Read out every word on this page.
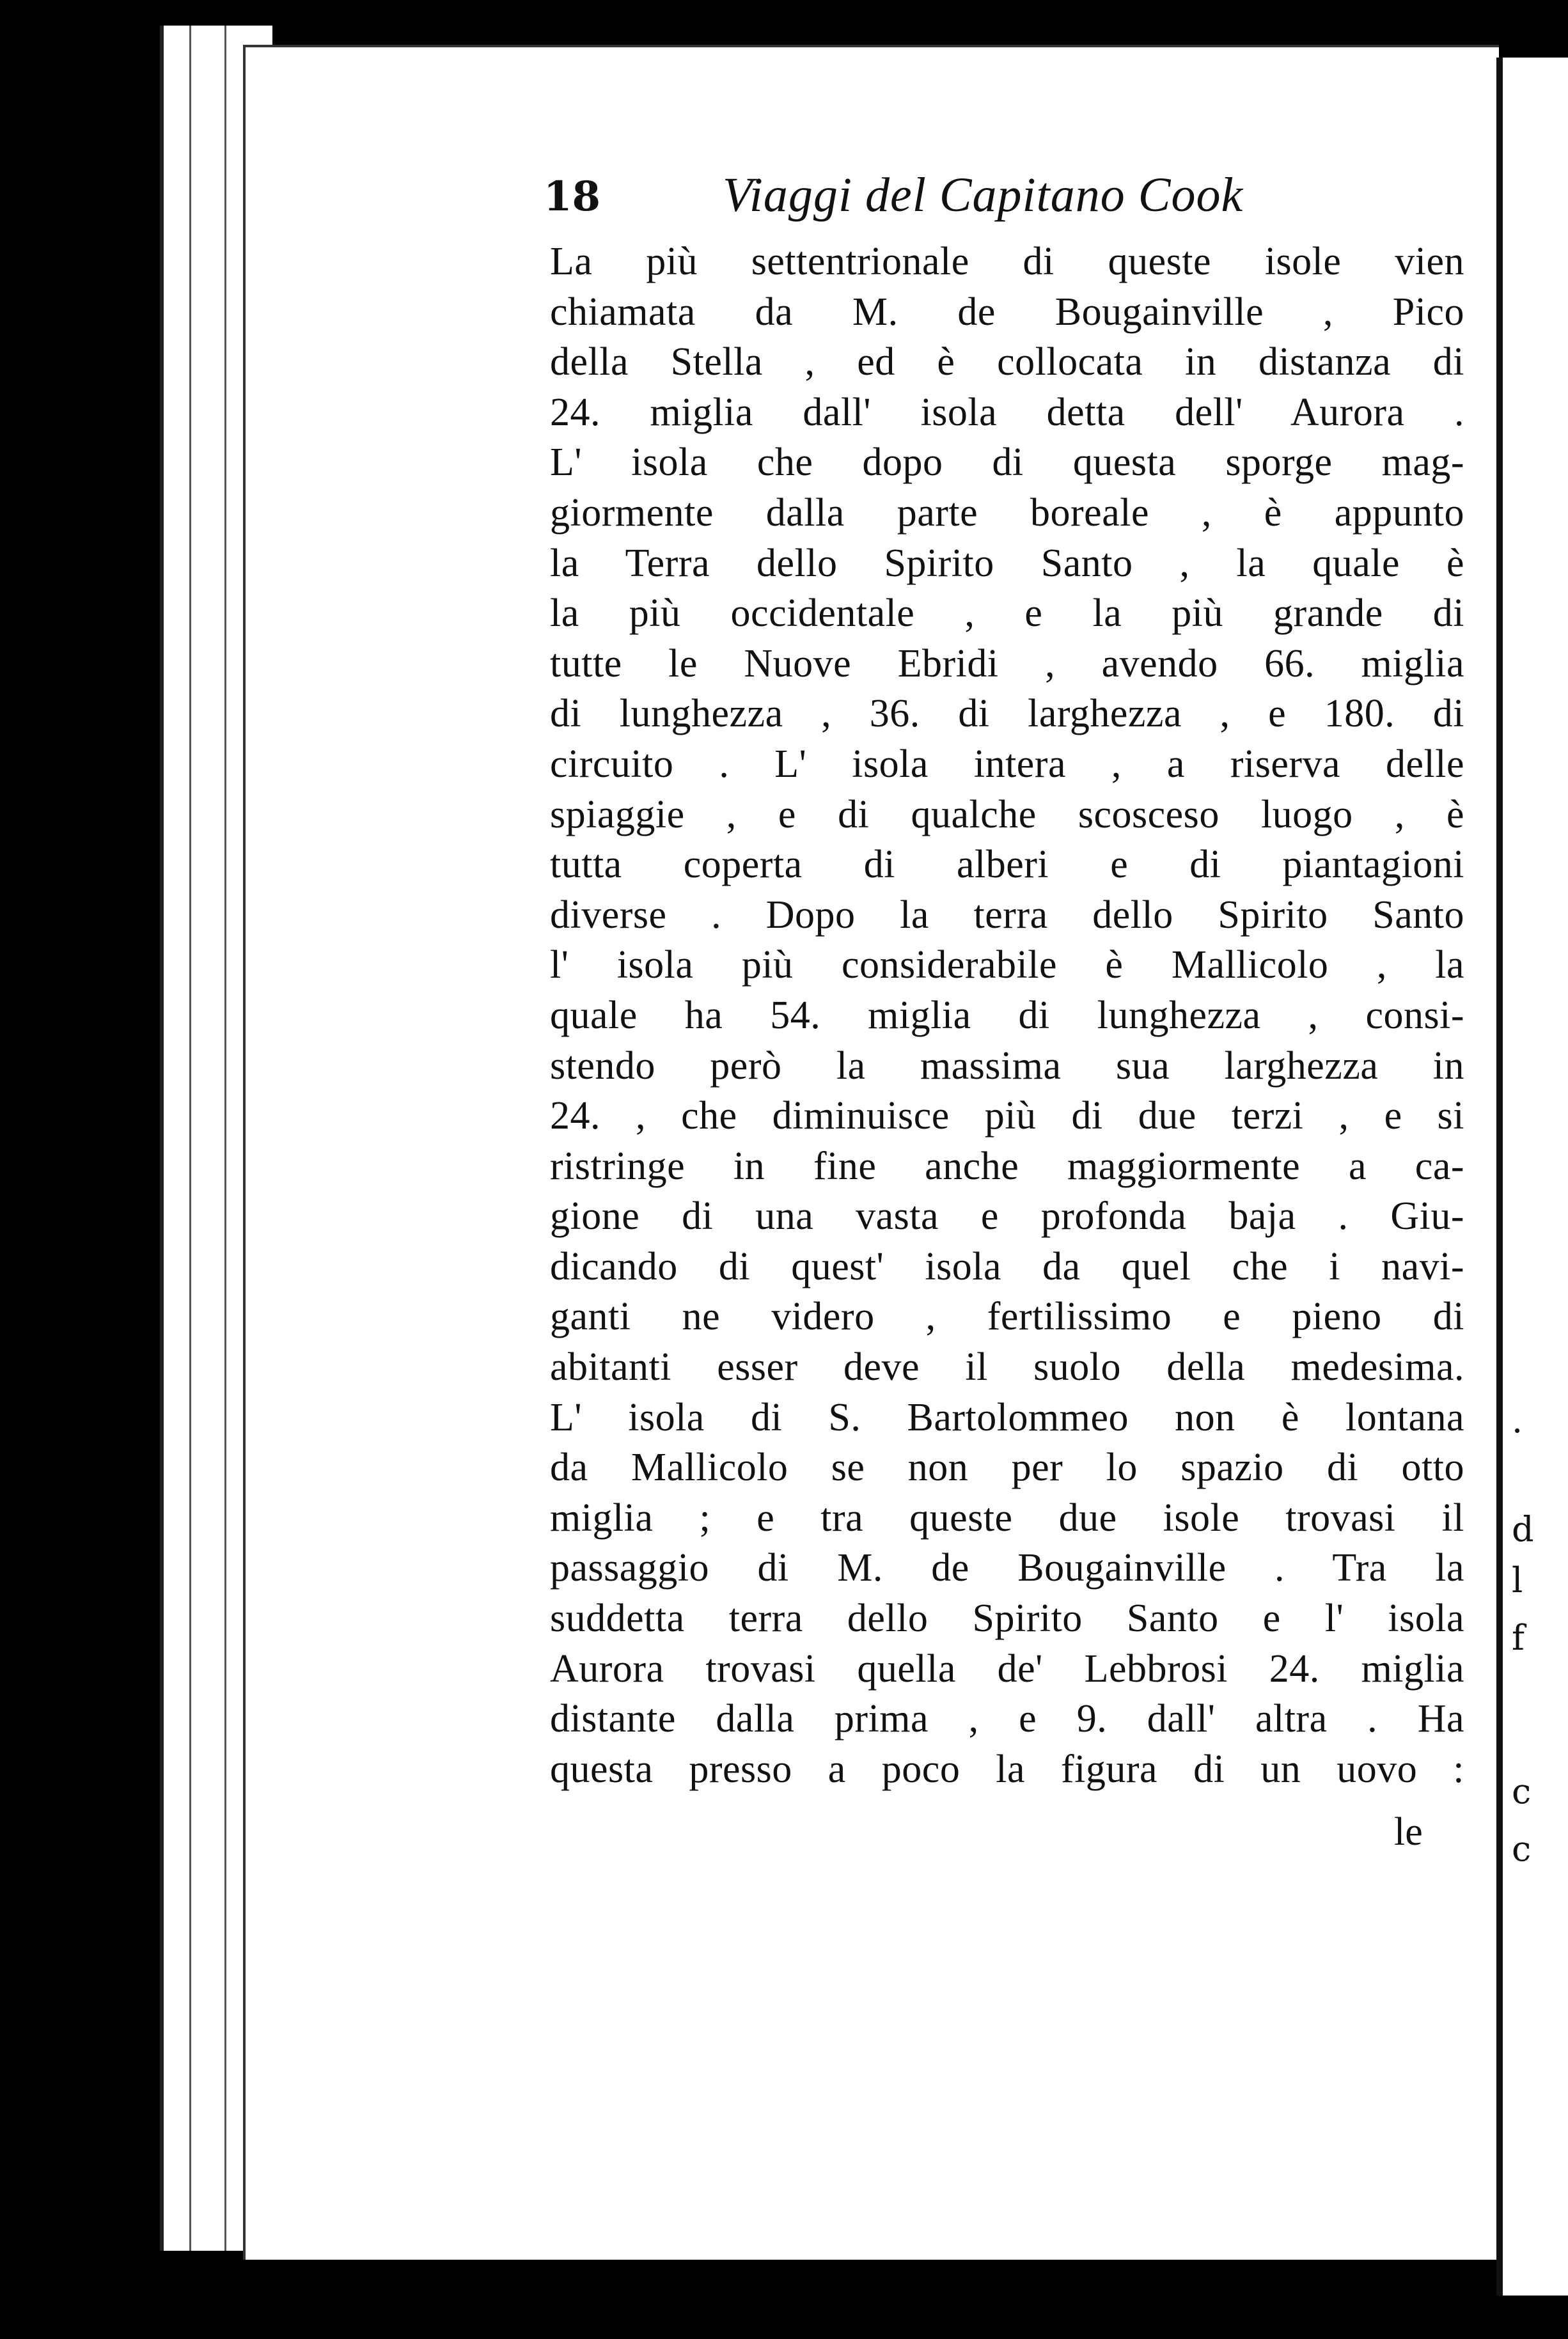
.
d
l
f
c
c
18	Viaggi del Capitano Cook
La più settentrionale di queste isole vien
chiamata da M. de Bougainville , Pico
della Stella , ed è collocata in distanza di
24. miglia dall' isola detta dell' Aurora .
L' isola che dopo di questa sporge mag-
giormente dalla parte boreale , è appunto
la Terra dello Spirito Santo , la quale è
la più occidentale , e la più grande di
tutte le Nuove Ebridi , avendo 66. miglia
di lunghezza , 36. di larghezza , e 180. di
circuito . L' isola intera , a riserva delle
spiaggie , e di qualche scosceso luogo , è
tutta coperta di alberi e di piantagioni
diverse . Dopo la terra dello Spirito Santo
l' isola più considerabile è Mallicolo , la
quale ha 54. miglia di lunghezza , consi-
stendo però la massima sua larghezza in
24. , che diminuisce più di due terzi , e si
ristringe in fine anche maggiormente a ca-
gione di una vasta e profonda baja . Giu-
dicando di quest' isola da quel che i navi-
ganti ne videro , fertilissimo e pieno di
abitanti esser deve il suolo della medesima.
L' isola di S. Bartolommeo non è lontana
da Mallicolo se non per lo spazio di otto
miglia ; e tra queste due isole trovasi il
passaggio di M. de Bougainville . Tra la
suddetta terra dello Spirito Santo e l' isola
Aurora trovasi quella de' Lebbrosi 24. miglia
distante dalla prima , e 9. dall' altra . Ha
questa presso a poco la figura di un uovo :
le
